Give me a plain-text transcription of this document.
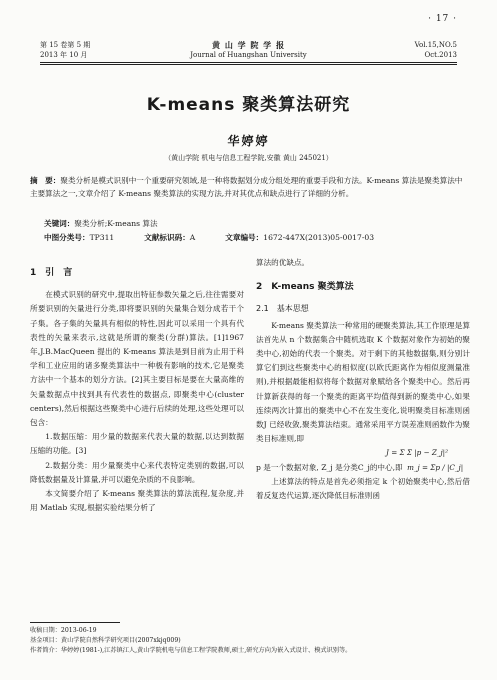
· 17 ·
第 15 卷第 5 期
2013 年 10 月
黄 山 学 院 学 报
Journal of Huangshan University
Vol.15,NO.5
Oct.2013
K-means 聚类算法研究
华婷婷
（黄山学院 机电与信息工程学院,安徽 黄山 245021）
摘　要：聚类分析是模式识别中一个重要研究领域,是一种将数据划分成分组处理的重要手段和方法。K-means 算法是聚类算法中主要算法之一,文章介绍了 K-means 聚类算法的实现方法,并对其优点和缺点进行了详细的分析。
关键词：聚类分析;K-means 算法
中图分类号：TP311	文献标识码：A	文章编号：1672-447X(2013)05-0017-03
1　引　言

在模式识别的研究中,提取出特征参数矢量之后,往往需要对所要识别的矢量进行分类,即将要识别的矢量集合划分成若干个子集。各子集的矢量具有相似的特性,因此可以采用一个具有代表性的矢量来表示,这就是所谓的聚类(分群)算法。[1]1967年,J.B.MacQueen 提出的 K-means 算法是到目前为止用于科学和工业应用的诸多聚类算法中一种极有影响的技术,它是聚类方法中一个基本的划分方法。[2]其主要目标是要在大量高维的矢量数据点中找到具有代表性的数据点, 即聚类中心(cluster centers),然后根据这些聚类中心进行后续的处理,这些处理可以包含：

1.数据压缩：用少量的数据来代表大量的数据,以达到数据压缩的功能。[3]

2.数据分类：用少量聚类中心来代表特定类别的数据,可以降低数据量及计算量,并可以避免杂质的不良影响。

本文简要介绍了 K-means 聚类算法的算法流程,复杂度,并用 Matlab 实现,根据实验结果分析了

算法的优缺点。

2　K-means 聚类算法
2.1　基本思想

K-means 聚类算法一种常用的硬聚类算法,其工作原理是算法首先从 n 个数据集合中随机选取 K 个数据对象作为初始的聚类中心,初始的代表一个聚类。对于剩下的其他数据集,则分别计算它们到这些聚类中心的相似度(以欧氏距离作为相似度测量准则),并根据最能相似将每个数据对象赋给各个聚类中心。然后再计算新获得的每一个聚类的距离平均值得到新的聚类中心,如果连续两次计算出的聚类中心不在发生变化,说明聚类目标准则函数J 已经收敛,聚类算法结束。通常采用平方误差准则函数作为聚类目标准则,即

J = Σ Σ |p − Z_j|²

p 是一个数据对象, Z_j 是分类C_j的中心,即 m_j = Σp / |C_j|

上述算法的特点是首先必须指定 k 个初始聚类中心,然后借着反复迭代运算,逐次降低目标准则函

收稿日期：2013-06-19
基金项目：黄山学院自然科学研究项目(2007xkjq009)
作者简介：华婷婷(1981-),江苏镇江人,黄山学院机电与信息工程学院教师,硕士,研究方向为嵌入式设计、模式识别等。
